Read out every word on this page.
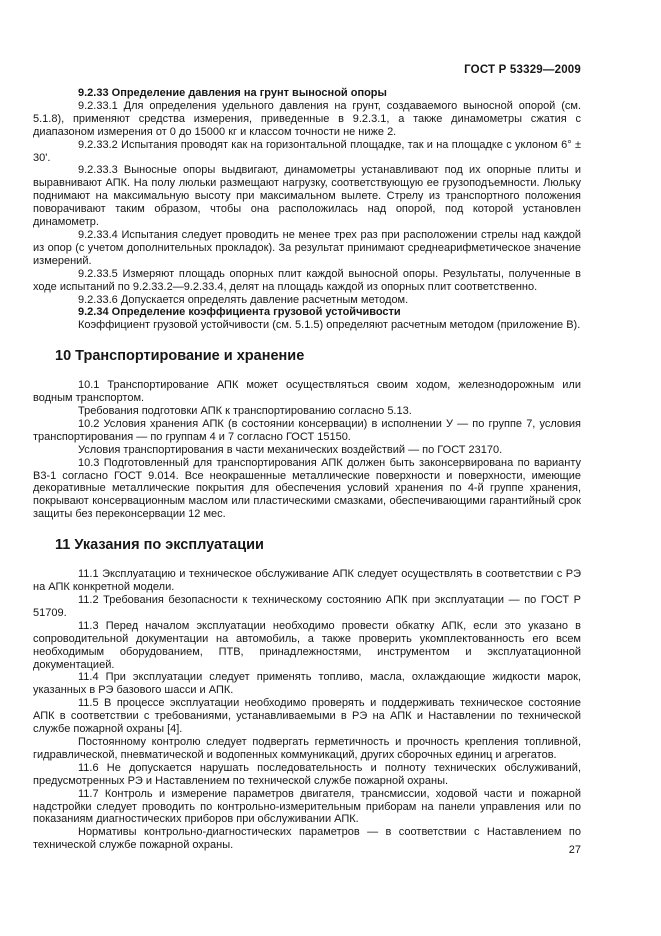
ГОСТ Р 53329—2009

9.2.33 Определение давления на грунт выносной опоры

9.2.33.1 Для определения удельного давления на грунт, создаваемого выносной опорой (см. 5.1.8), применяют средства измерения, приведенные в 9.2.3.1, а также динамометры сжатия с диапазоном измерения от 0 до 15000 кг и классом точности не ниже 2.

9.2.33.2 Испытания проводят как на горизонтальной площадке, так и на площадке с уклоном 6° ± 30'.

9.2.33.3 Выносные опоры выдвигают, динамометры устанавливают под их опорные плиты и выравнивают АПК. На полу люльки размещают нагрузку, соответствующую ее грузоподъемности. Люльку поднимают на максимальную высоту при максимальном вылете. Стрелу из транспортного положения поворачивают таким образом, чтобы она расположилась над опорой, под которой установлен динамометр.

9.2.33.4 Испытания следует проводить не менее трех раз при расположении стрелы над каждой из опор (с учетом дополнительных прокладок). За результат принимают среднеарифметическое значение измерений.

9.2.33.5 Измеряют площадь опорных плит каждой выносной опоры. Результаты, полученные в ходе испытаний по 9.2.33.2—9.2.33.4, делят на площадь каждой из опорных плит соответственно.

9.2.33.6 Допускается определять давление расчетным методом.

9.2.34 Определение коэффициента грузовой устойчивости

Коэффициент грузовой устойчивости (см. 5.1.5) определяют расчетным методом (приложение В).

10 Транспортирование и хранение

10.1 Транспортирование АПК может осуществляться своим ходом, железнодорожным или водным транспортом.

Требования подготовки АПК к транспортированию согласно 5.13.

10.2 Условия хранения АПК (в состоянии консервации) в исполнении У — по группе 7, условия транспортирования — по группам 4 и 7 согласно ГОСТ 15150.

Условия транспортирования в части механических воздействий — по ГОСТ 23170.

10.3 Подготовленный для транспортирования АПК должен быть законсервирована по варианту В3-1 согласно ГОСТ 9.014. Все неокрашенные металлические поверхности и поверхности, имеющие декоративные металлические покрытия для обеспечения условий хранения по 4-й группе хранения, покрывают консервационным маслом или пластическими смазками, обеспечивающими гарантийный срок защиты без переконсервации 12 мес.

11 Указания по эксплуатации

11.1 Эксплуатацию и техническое обслуживание АПК следует осуществлять в соответствии с РЭ на АПК конкретной модели.

11.2 Требования безопасности к техническому состоянию АПК при эксплуатации — по ГОСТ Р 51709.

11.3 Перед началом эксплуатации необходимо провести обкатку АПК, если это указано в сопроводительной документации на автомобиль, а также проверить укомплектованность его всем необходимым оборудованием, ПТВ, принадлежностями, инструментом и эксплуатационной документацией.

11.4 При эксплуатации следует применять топливо, масла, охлаждающие жидкости марок, указанных в РЭ базового шасси и АПК.

11.5 В процессе эксплуатации необходимо проверять и поддерживать техническое состояние АПК в соответствии с требованиями, устанавливаемыми в РЭ на АПК и Наставлении по технической службе пожарной охраны [4].

Постоянному контролю следует подвергать герметичность и прочность крепления топливной, гидравлической, пневматической и водопенных коммуникаций, других сборочных единиц и агрегатов.

11.6 Не допускается нарушать последовательность и полноту технических обслуживаний, предусмотренных РЭ и Наставлением по технической службе пожарной охраны.

11.7 Контроль и измерение параметров двигателя, трансмиссии, ходовой части и пожарной надстройки следует проводить по контрольно-измерительным приборам на панели управления или по показаниям диагностических приборов при обслуживании АПК.

Нормативы контрольно-диагностических параметров — в соответствии с Наставлением по технической службе пожарной охраны.	27
